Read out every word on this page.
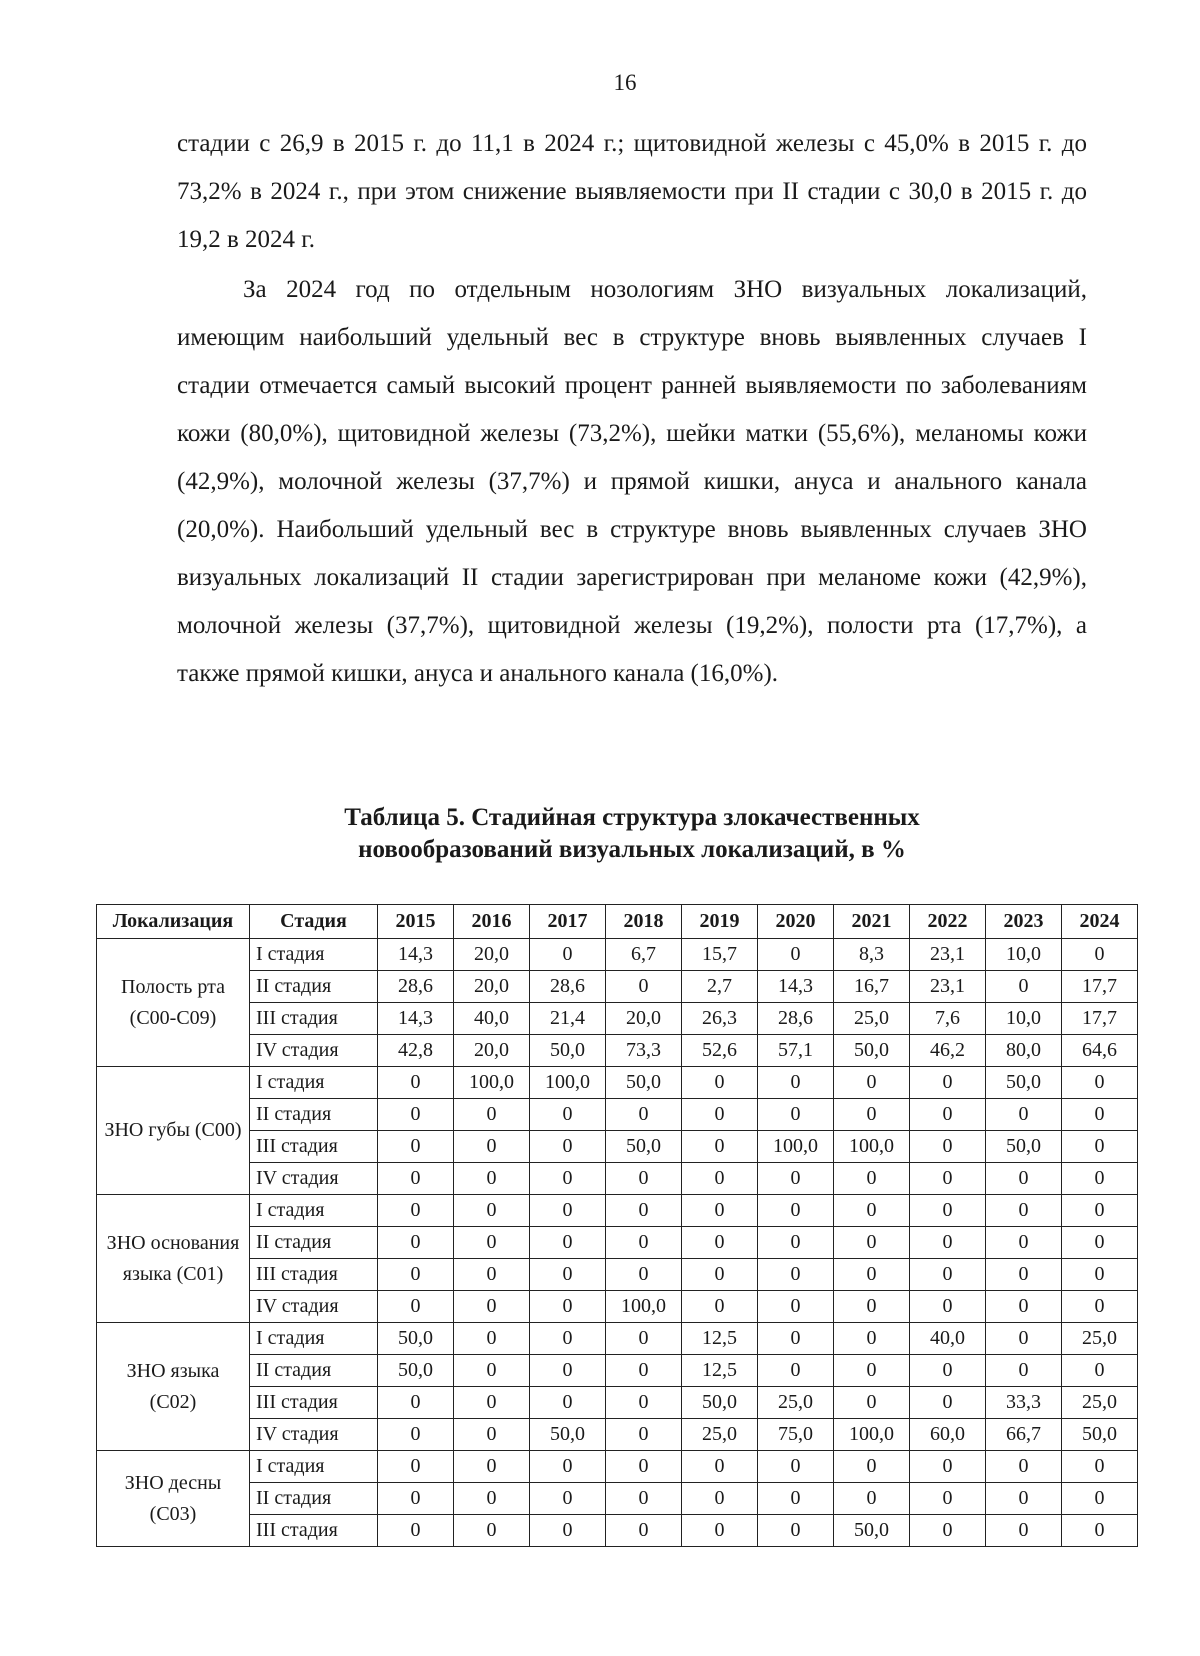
16

стадии с 26,9 в 2015 г. до 11,1 в 2024 г.; щитовидной железы с 45,0% в 2015 г. до 73,2% в 2024 г., при этом снижение выявляемости при II стадии с 30,0 в 2015 г. до 19,2 в 2024 г.

За 2024 год по отдельным нозологиям ЗНО визуальных локализаций, имеющим наибольший удельный вес в структуре вновь выявленных случаев I стадии отмечается самый высокий процент ранней выявляемости по заболеваниям кожи (80,0%), щитовидной железы (73,2%), шейки матки (55,6%), меланомы кожи (42,9%), молочной железы (37,7%) и прямой кишки, ануса и анального канала (20,0%). Наибольший удельный вес в структуре вновь выявленных случаев ЗНО визуальных локализаций II стадии зарегистрирован при меланоме кожи (42,9%), молочной железы (37,7%), щитовидной железы (19,2%), полости рта (17,7%), а также прямой кишки, ануса и анального канала (16,0%).

Таблица 5. Стадийная структура злокачественных
новообразований визуальных локализаций, в %
Локализация	Стадия	2015	2016	2017	2018	2019	2020	2021	2022	2023	2024
Полость рта (С00-С09)	I стадия	14,3	20,0	0	6,7	15,7	0	8,3	23,1	10,0	0
	II стадия	28,6	20,0	28,6	0	2,7	14,3	16,7	23,1	0	17,7
	III стадия	14,3	40,0	21,4	20,0	26,3	28,6	25,0	7,6	10,0	17,7
	IV стадия	42,8	20,0	50,0	73,3	52,6	57,1	50,0	46,2	80,0	64,6
ЗНО губы (С00)	I стадия	0	100,0	100,0	50,0	0	0	0	0	50,0	0
	II стадия	0	0	0	0	0	0	0	0	0	0
	III стадия	0	0	0	50,0	0	100,0	100,0	0	50,0	0
	IV стадия	0	0	0	0	0	0	0	0	0	0
ЗНО основания языка (С01)	I стадия	0	0	0	0	0	0	0	0	0	0
	II стадия	0	0	0	0	0	0	0	0	0	0
	III стадия	0	0	0	0	0	0	0	0	0	0
	IV стадия	0	0	0	100,0	0	0	0	0	0	0
ЗНО языка (С02)	I стадия	50,0	0	0	0	12,5	0	0	40,0	0	25,0
	II стадия	50,0	0	0	0	12,5	0	0	0	0	0
	III стадия	0	0	0	0	50,0	25,0	0	0	33,3	25,0
	IV стадия	0	0	50,0	0	25,0	75,0	100,0	60,0	66,7	50,0
ЗНО десны (С03)	I стадия	0	0	0	0	0	0	0	0	0	0
	II стадия	0	0	0	0	0	0	0	0	0	0
	III стадия	0	0	0	0	0	0	50,0	0	0	0
